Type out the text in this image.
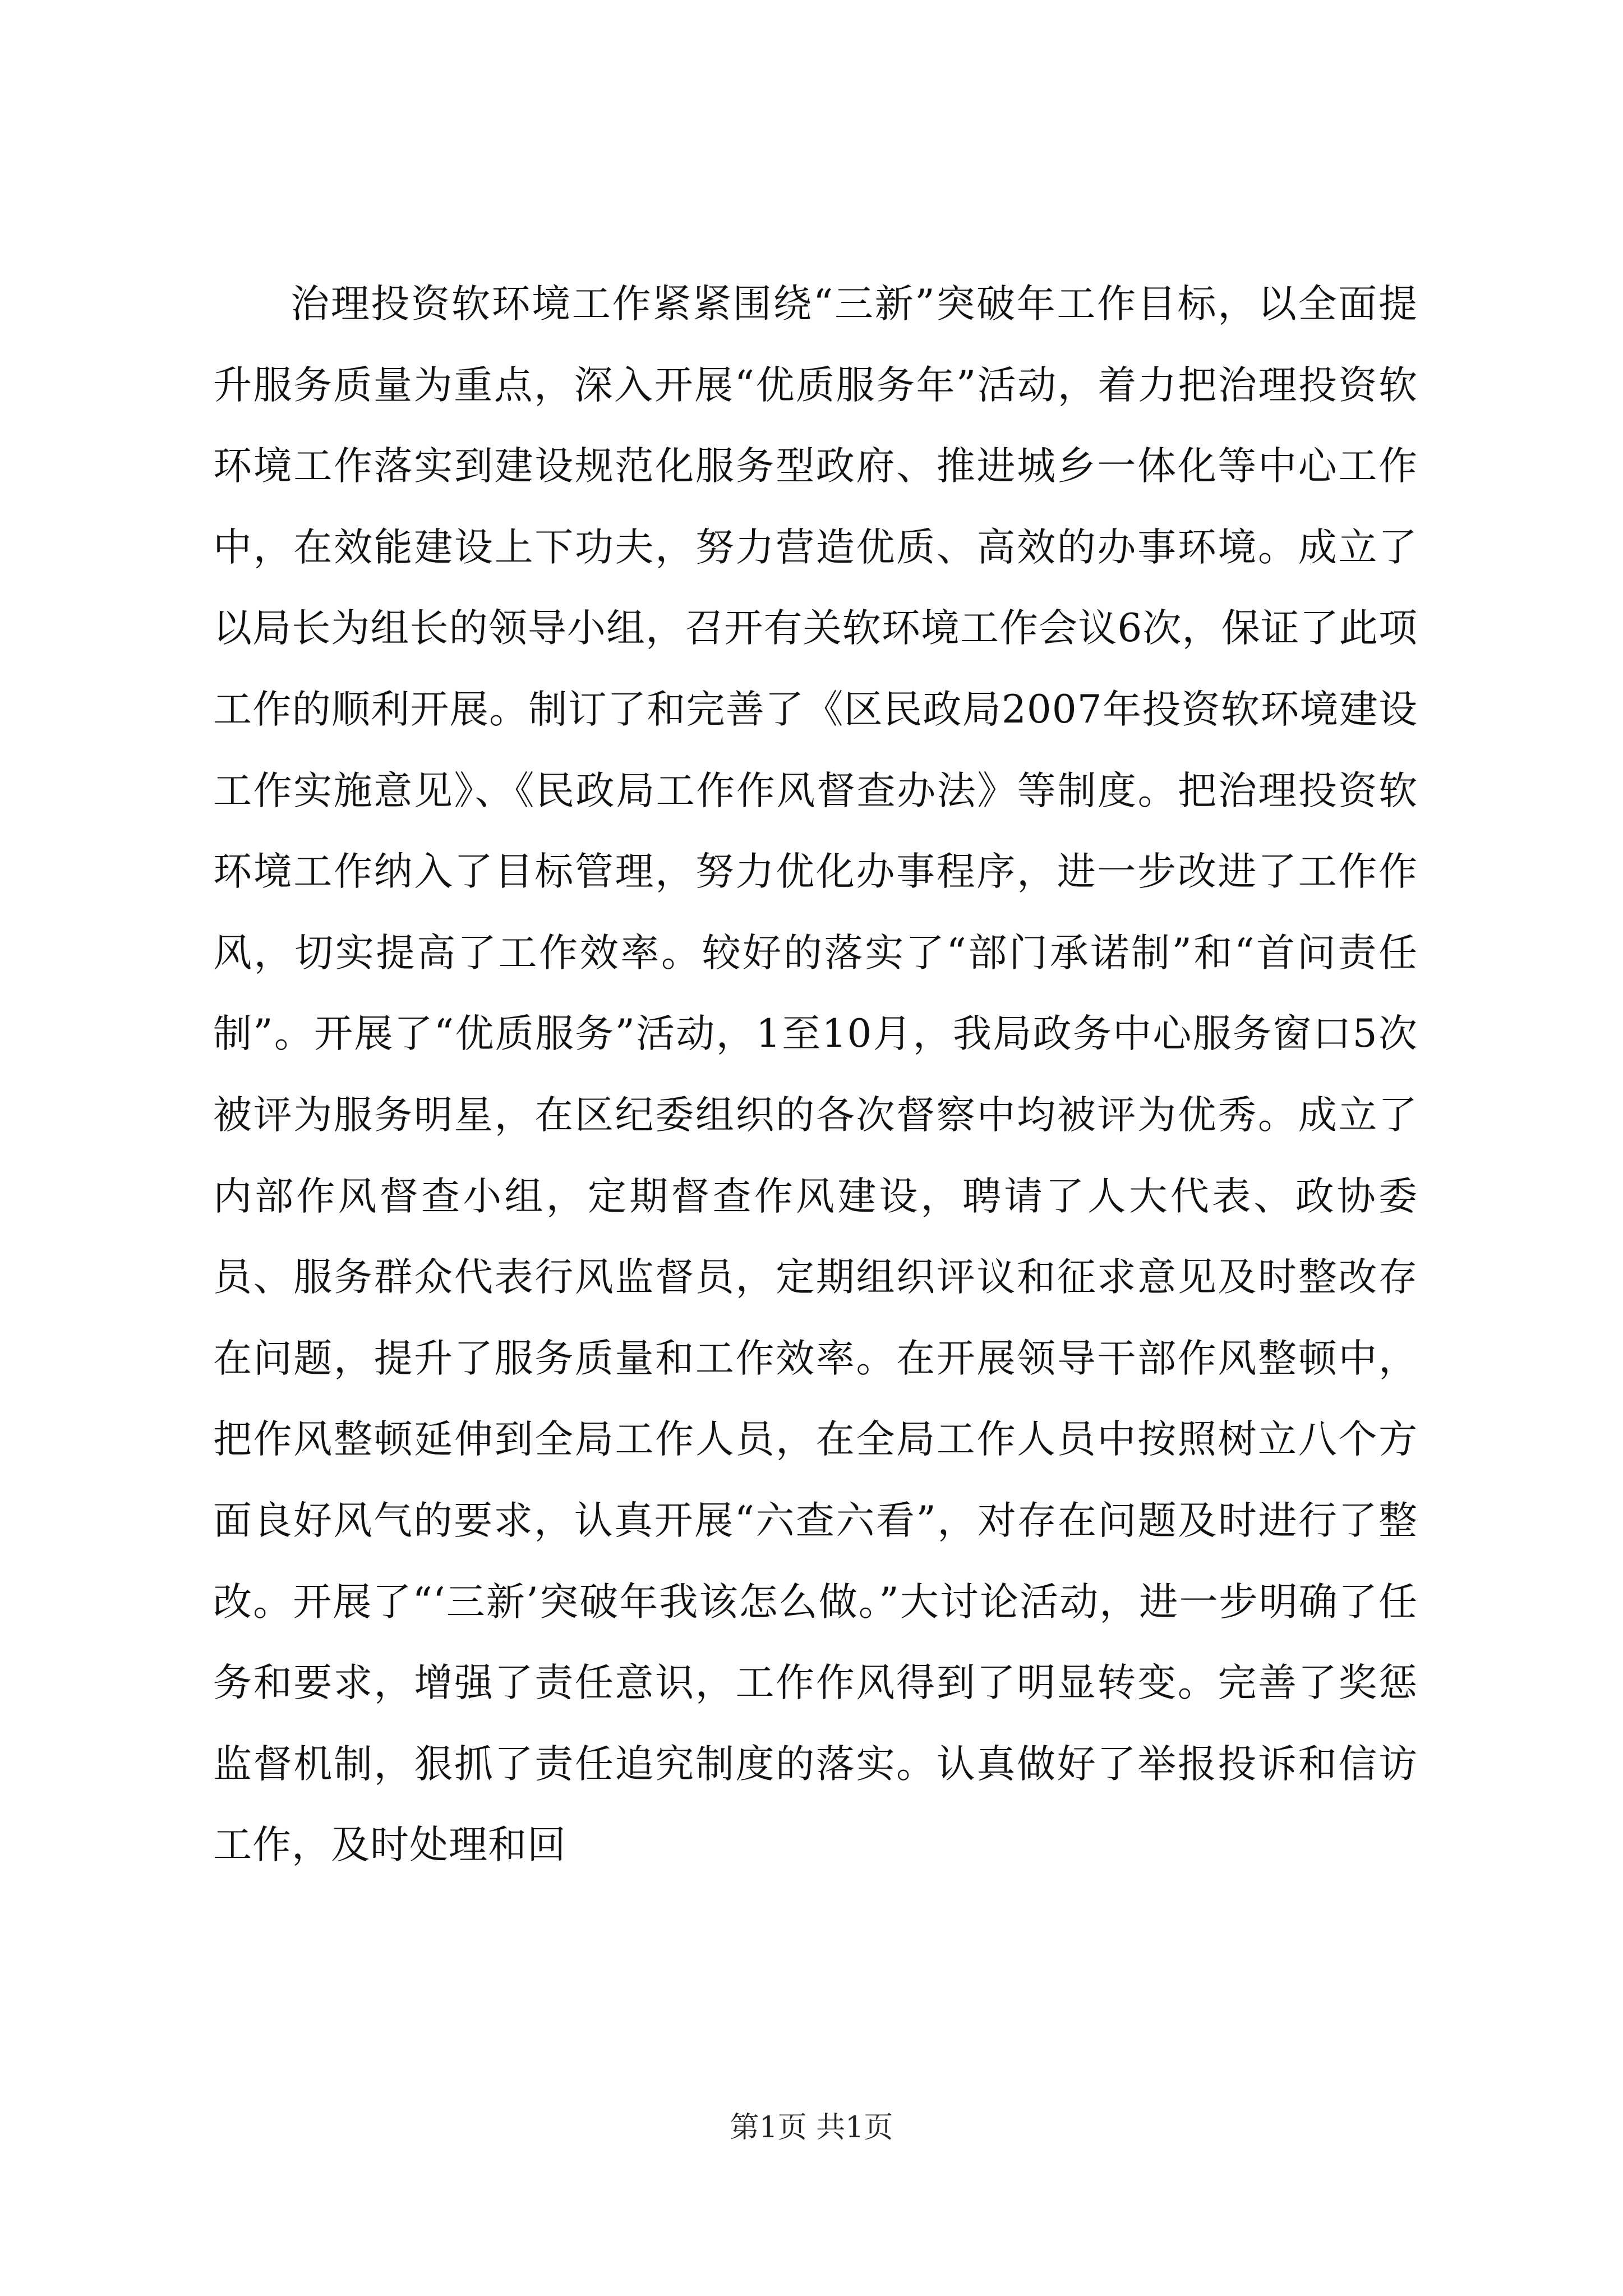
治理投资软环境工作紧紧围绕“三新”突破年工作目标，以全面提升服务质量为重点，深入开展“优质服务年”活动，着力把治理投资软环境工作落实到建设规范化服务型政府、推进城乡一体化等中心工作中，在效能建设上下功夫，努力营造优质、高效的办事环境。成立了以局长为组长的领导小组，召开有关软环境工作会议6次，保证了此项工作的顺利开展。制订了和完善了《区民政局2007年投资软环境建设工作实施意见》、《民政局工作作风督查办法》等制度。把治理投资软环境工作纳入了目标管理，努力优化办事程序，进一步改进了工作作风，切实提高了工作效率。较好的落实了“部门承诺制”和“首问责任制”。开展了“优质服务”活动，1至10月，我局政务中心服务窗口5次被评为服务明星，在区纪委组织的各次督察中均被评为优秀。成立了内部作风督查小组，定期督查作风建设，聘请了人大代表、政协委员、服务群众代表行风监督员，定期组织评议和征求意见及时整改存在问题，提升了服务质量和工作效率。在开展领导干部作风整顿中，把作风整顿延伸到全局工作人员，在全局工作人员中按照树立八个方面良好风气的要求，认真开展“六查六看”，对存在问题及时进行了整改。开展了“‘三新’突破年我该怎么做。”大讨论活动，进一步明确了任务和要求，增强了责任意识，工作作风得到了明显转变。完善了奖惩监督机制，狠抓了责任追究制度的落实。认真做好了举报投诉和信访工作，及时处理和回

第1页 共1页
